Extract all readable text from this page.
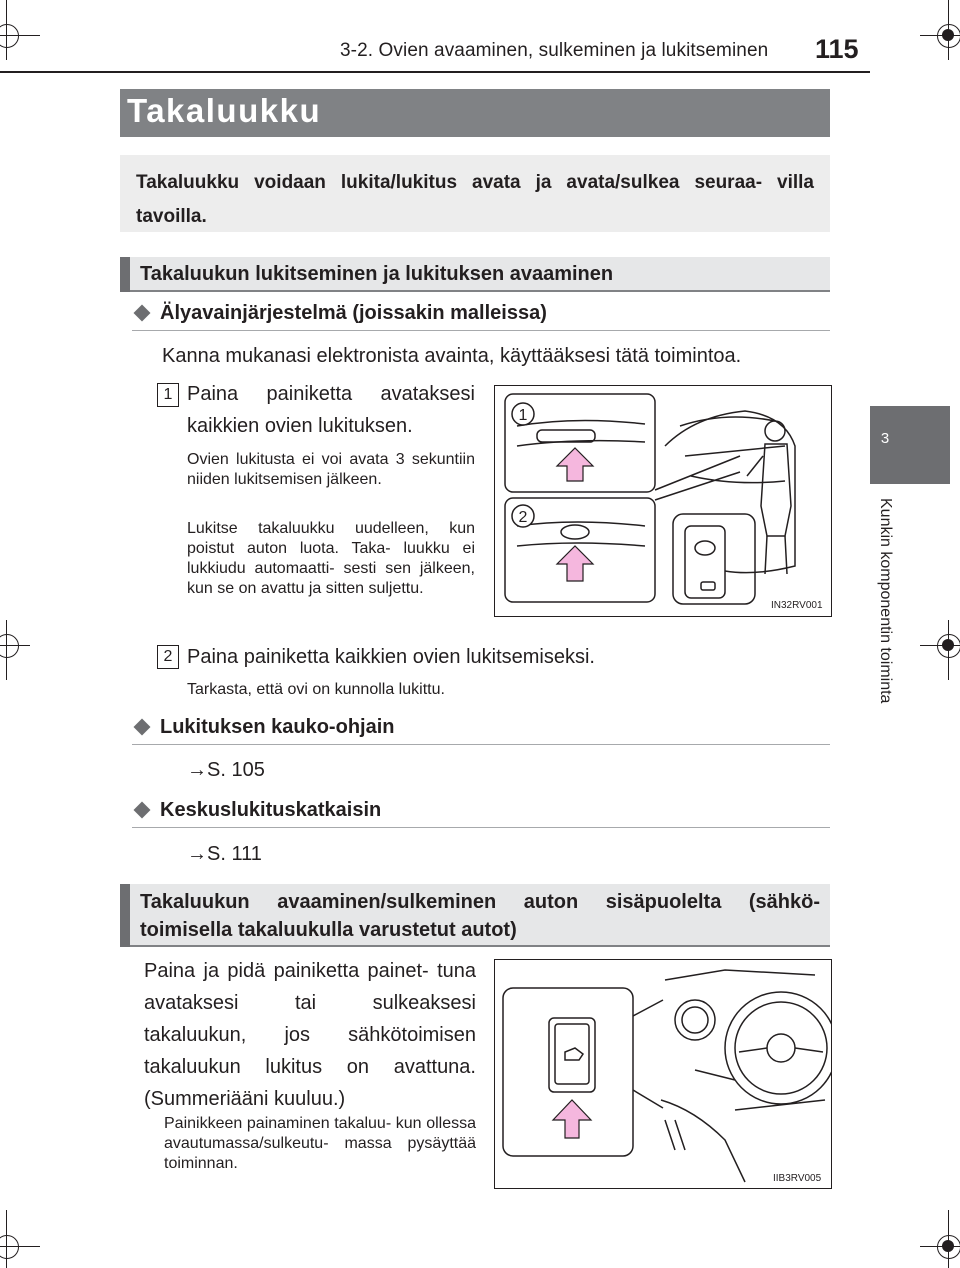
3-2. Ovien avaaminen, sulkeminen ja lukitseminen 115
3
Kunkin komponentin toiminta
Takaluukku
Takaluukku voidaan lukita/lukitus avata ja avata/sulkea seuraa- villa tavoilla.
Takaluukun lukitseminen ja lukituksen avaaminen
Älyavainjärjestelmä (joissakin malleissa)
Kanna mukanasi elektronista avainta, käyttääksesi tätä toimintoa.
1 Paina painiketta avataksesi kaikkien ovien lukituksen.
Ovien lukitusta ei voi avata 3 sekuntiin niiden lukitsemisen jälkeen.
Lukitse takaluukku uudelleen, kun poistut auton luota. Taka- luukku ei lukkiudu automaatti- sesti sen jälkeen, kun se on avattu ja sitten suljettu.
2 Paina painiketta kaikkien ovien lukitsemiseksi.
Tarkasta, että ovi on kunnolla lukittu.
1
2
IN32RV001
Lukituksen kauko-ohjain
→S. 105
Keskuslukituskatkaisin
→S. 111
Takaluukun avaaminen/sulkeminen auton sisäpuolelta (sähkö- toimisella takaluukulla varustetut autot)
Paina ja pidä painiketta painet- tuna avataksesi tai sulkeaksesi takaluukun, jos sähkötoimisen takaluukun lukitus on avattuna. (Summeriääni kuuluu.)
Painikkeen painaminen takaluu- kun ollessa avautumassa/sulkeutu- massa pysäyttää toiminnan.
IIB3RV005
